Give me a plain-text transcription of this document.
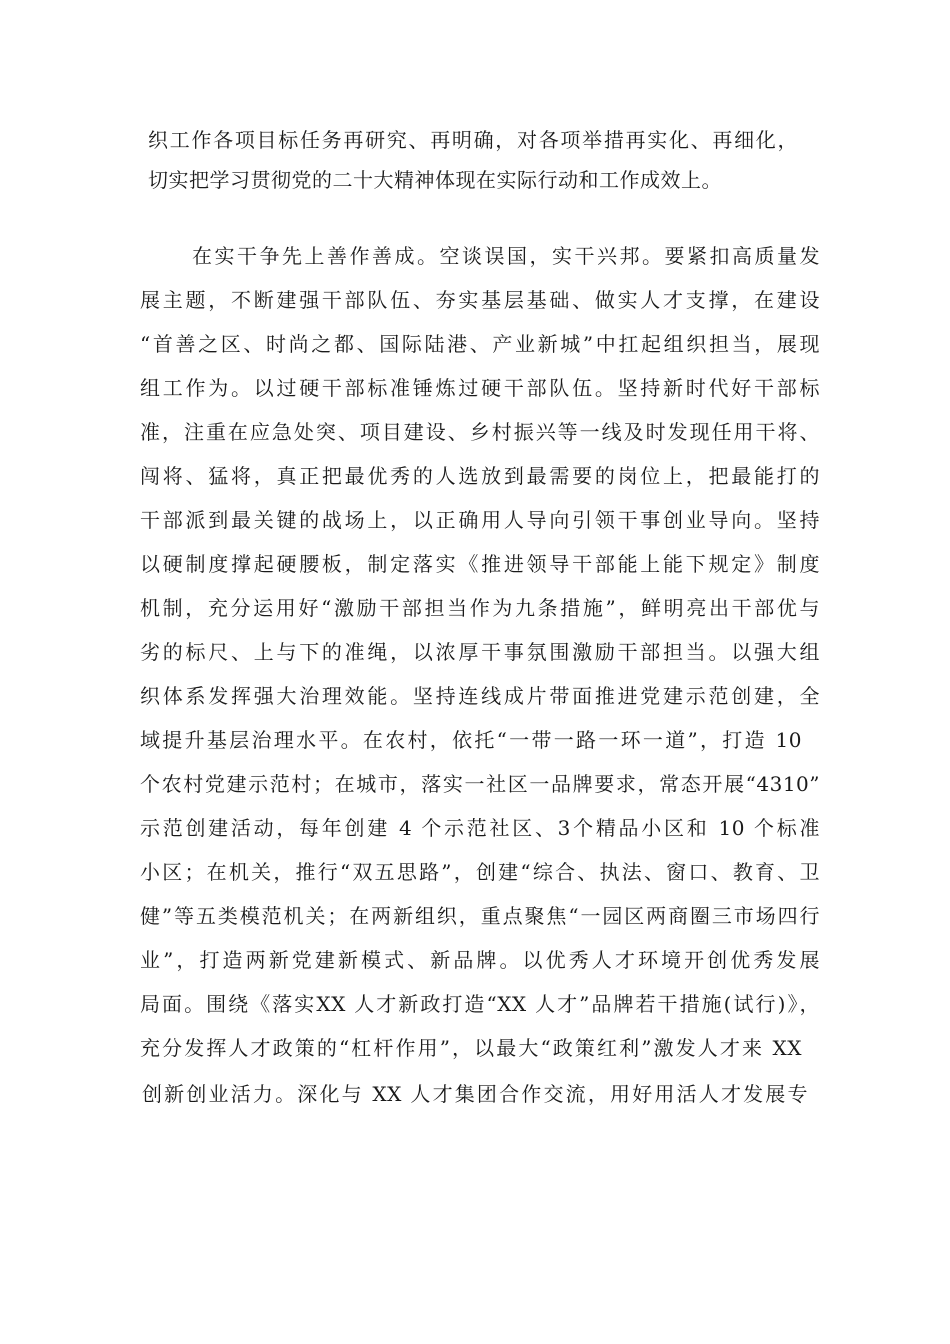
织工作各项目标任务再研究、再明确，对各项举措再实化、再细化，
切实把学习贯彻党的二十大精神体现在实际行动和工作成效上。
在实干争先上善作善成。空谈误国，实干兴邦。要紧扣高质量发
展主题，不断建强干部队伍、夯实基层基础、做实人才支撑，在建设
“首善之区、时尚之都、国际陆港、产业新城”中扛起组织担当，展现
组工作为。以过硬干部标准锤炼过硬干部队伍。坚持新时代好干部标
准，注重在应急处突、项目建设、乡村振兴等一线及时发现任用干将、
闯将、猛将，真正把最优秀的人选放到最需要的岗位上，把最能打的
干部派到最关键的战场上，以正确用人导向引领干事创业导向。坚持
以硬制度撑起硬腰板，制定落实《推进领导干部能上能下规定》制度
机制，充分运用好“激励干部担当作为九条措施”，鲜明亮出干部优与
劣的标尺、上与下的准绳，以浓厚干事氛围激励干部担当。以强大组
织体系发挥强大治理效能。坚持连线成片带面推进党建示范创建，全
域提升基层治理水平。在农村，依托“一带一路一环一道”，打造 10
个农村党建示范村；在城市，落实一社区一品牌要求，常态开展“4310”
示范创建活动，每年创建 4 个示范社区、3个精品小区和 10 个标准
小区；在机关，推行“双五思路”，创建“综合、执法、窗口、教育、卫
健”等五类模范机关；在两新组织，重点聚焦“一园区两商圈三市场四行
业”，打造两新党建新模式、新品牌。以优秀人才环境开创优秀发展
局面。围绕《落实XX 人才新政打造“XX 人才”品牌若干措施(试行)》，
充分发挥人才政策的“杠杆作用”，以最大“政策红利”激发人才来 XX
创新创业活力。深化与 XX 人才集团合作交流，用好用活人才发展专
